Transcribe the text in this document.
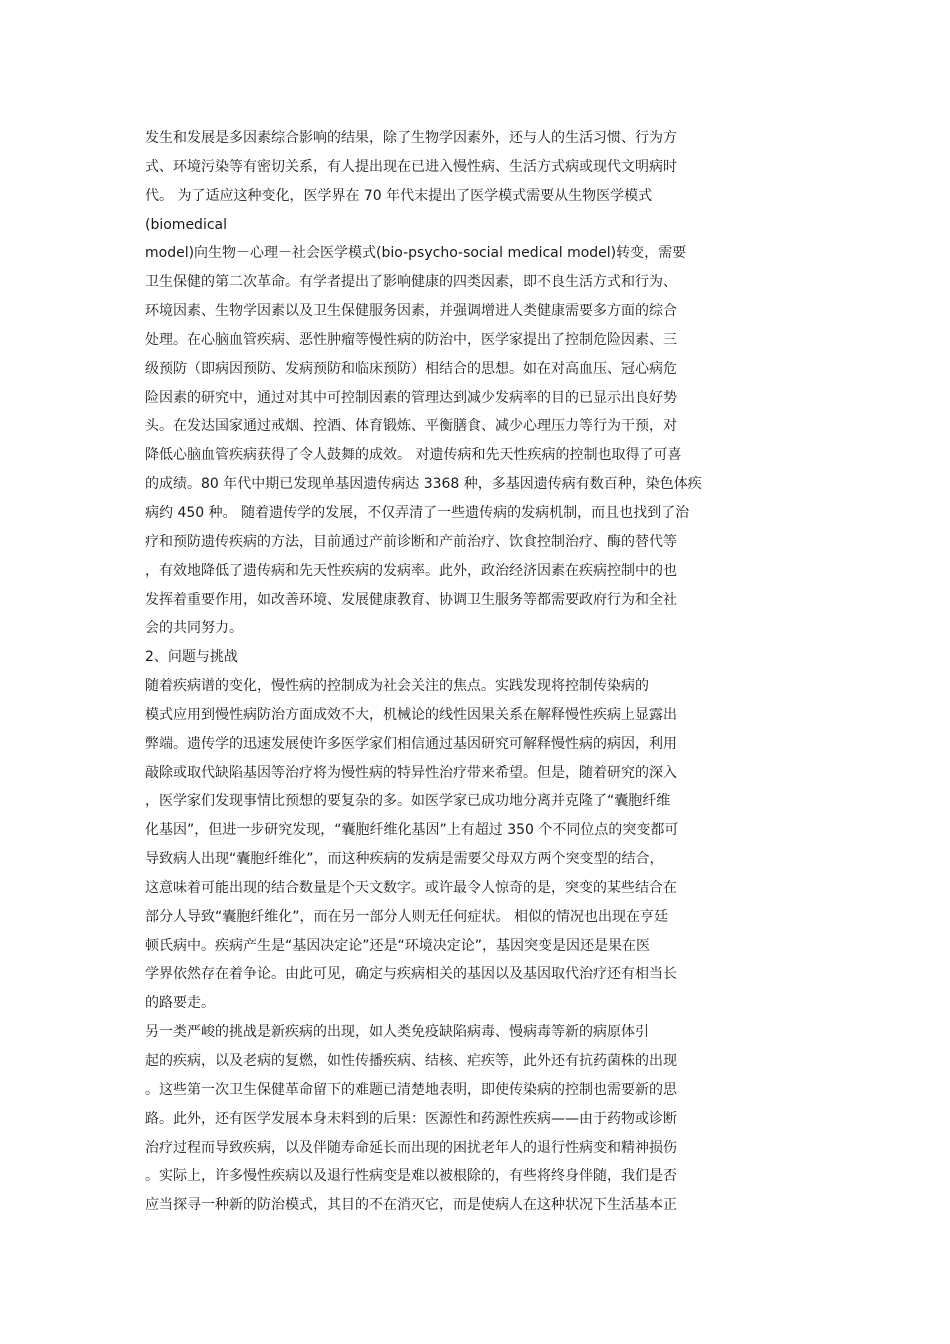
发生和发展是多因素综合影响的结果，除了生物学因素外，还与人的生活习惯、行为方
式、环境污染等有密切关系，有人提出现在已进入慢性病、生活方式病或现代文明病时
代。 为了适应这种变化，医学界在 70 年代末提出了医学模式需要从生物医学模式
(biomedical
model)向生物－心理－社会医学模式(bio-psycho-social medical model)转变，需要
卫生保健的第二次革命。有学者提出了影响健康的四类因素，即不良生活方式和行为、
环境因素、生物学因素以及卫生保健服务因素，并强调增进人类健康需要多方面的综合
处理。在心脑血管疾病、恶性肿瘤等慢性病的防治中，医学家提出了控制危险因素、三
级预防（即病因预防、发病预防和临床预防）相结合的思想。如在对高血压、冠心病危
险因素的研究中，通过对其中可控制因素的管理达到减少发病率的目的已显示出良好势
头。在发达国家通过戒烟、控酒、体育锻炼、平衡膳食、减少心理压力等行为干预，对
降低心脑血管疾病获得了令人鼓舞的成效。 对遗传病和先天性疾病的控制也取得了可喜
的成绩。80 年代中期已发现单基因遗传病达 3368 种，多基因遗传病有数百种，染色体疾
病约 450 种。 随着遗传学的发展，不仅弄清了一些遗传病的发病机制，而且也找到了治
疗和预防遗传疾病的方法，目前通过产前诊断和产前治疗、饮食控制治疗、酶的替代等
，有效地降低了遗传病和先天性疾病的发病率。此外，政治经济因素在疾病控制中的也
发挥着重要作用，如改善环境、发展健康教育、协调卫生服务等都需要政府行为和全社
会的共同努力。
2、问题与挑战
随着疾病谱的变化，慢性病的控制成为社会关注的焦点。实践发现将控制传染病的
模式应用到慢性病防治方面成效不大，机械论的线性因果关系在解释慢性疾病上显露出
弊端。遗传学的迅速发展使许多医学家们相信通过基因研究可解释慢性病的病因，利用
敲除或取代缺陷基因等治疗将为慢性病的特异性治疗带来希望。但是，随着研究的深入
，医学家们发现事情比预想的要复杂的多。如医学家已成功地分离并克隆了“囊胞纤维
化基因”，但进一步研究发现，“囊胞纤维化基因”上有超过 350 个不同位点的突变都可
导致病人出现“囊胞纤维化”，而这种疾病的发病是需要父母双方两个突变型的结合，
这意味着可能出现的结合数量是个天文数字。或许最令人惊奇的是，突变的某些结合在
部分人导致“囊胞纤维化”，而在另一部分人则无任何症状。 相似的情况也出现在亨廷
顿氏病中。疾病产生是“基因决定论”还是“环境决定论”，基因突变是因还是果在医
学界依然存在着争论。由此可见，确定与疾病相关的基因以及基因取代治疗还有相当长
的路要走。
另一类严峻的挑战是新疾病的出现，如人类免疫缺陷病毒、慢病毒等新的病原体引
起的疾病，以及老病的复燃，如性传播疾病、结核、疟疾等，此外还有抗药菌株的出现
。这些第一次卫生保健革命留下的难题已清楚地表明，即使传染病的控制也需要新的思
路。此外，还有医学发展本身未料到的后果：医源性和药源性疾病——由于药物或诊断
治疗过程而导致疾病，以及伴随寿命延长而出现的困扰老年人的退行性病变和精神损伤
。实际上，许多慢性疾病以及退行性病变是难以被根除的，有些将终身伴随，我们是否
应当探寻一种新的防治模式，其目的不在消灭它，而是使病人在这种状况下生活基本正
